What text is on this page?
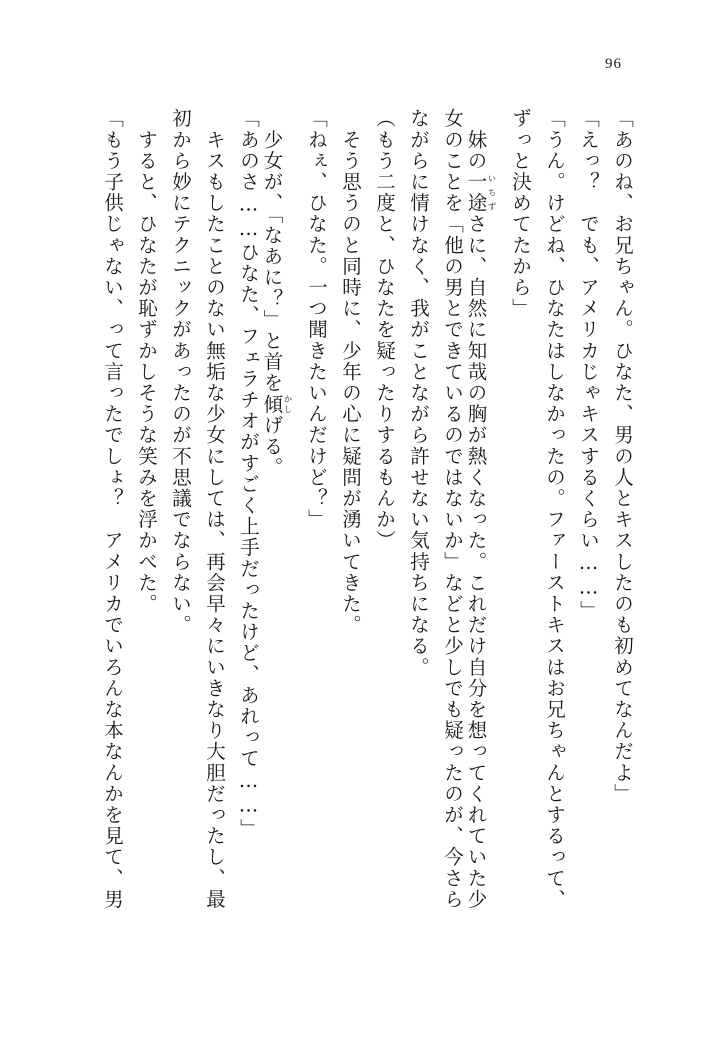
96
「あのね、お兄ちゃん。ひなた、男の人とキスしたのも初めてなんだよ」
「えっ？　でも、アメリカじゃキスするくらい……」
「うん。けどね、ひなたはしなかったの。ファーストキスはお兄ちゃんとするって、
ずっと決めてたから」
　妹の一途いちずさに、自然に知哉の胸が熱くなった。これだけ自分を想ってくれていた少
女のことを「他の男とできているのではないか」などと少しでも疑ったのが、今さら
ながらに情けなく、我がことながら許せない気持ちになる。
（もう二度と、ひなたを疑ったりするもんか）
　そう思うのと同時に、少年の心に疑問が湧いてきた。
「ねぇ、ひなた。一つ聞きたいんだけど？」
　少女が、「なあに？」と首を傾かしげる。
「あのさ……ひなた、フェラチオがすごく上手だったけど、あれって……」
　キスもしたことのない無垢な少女にしては、再会早々にいきなり大胆だったし、最
初から妙にテクニックがあったのが不思議でならない。
　すると、ひなたが恥ずかしそうな笑みを浮かべた。
「もう子供じゃない、って言ったでしょ？　アメリカでいろんな本なんかを見て、男
